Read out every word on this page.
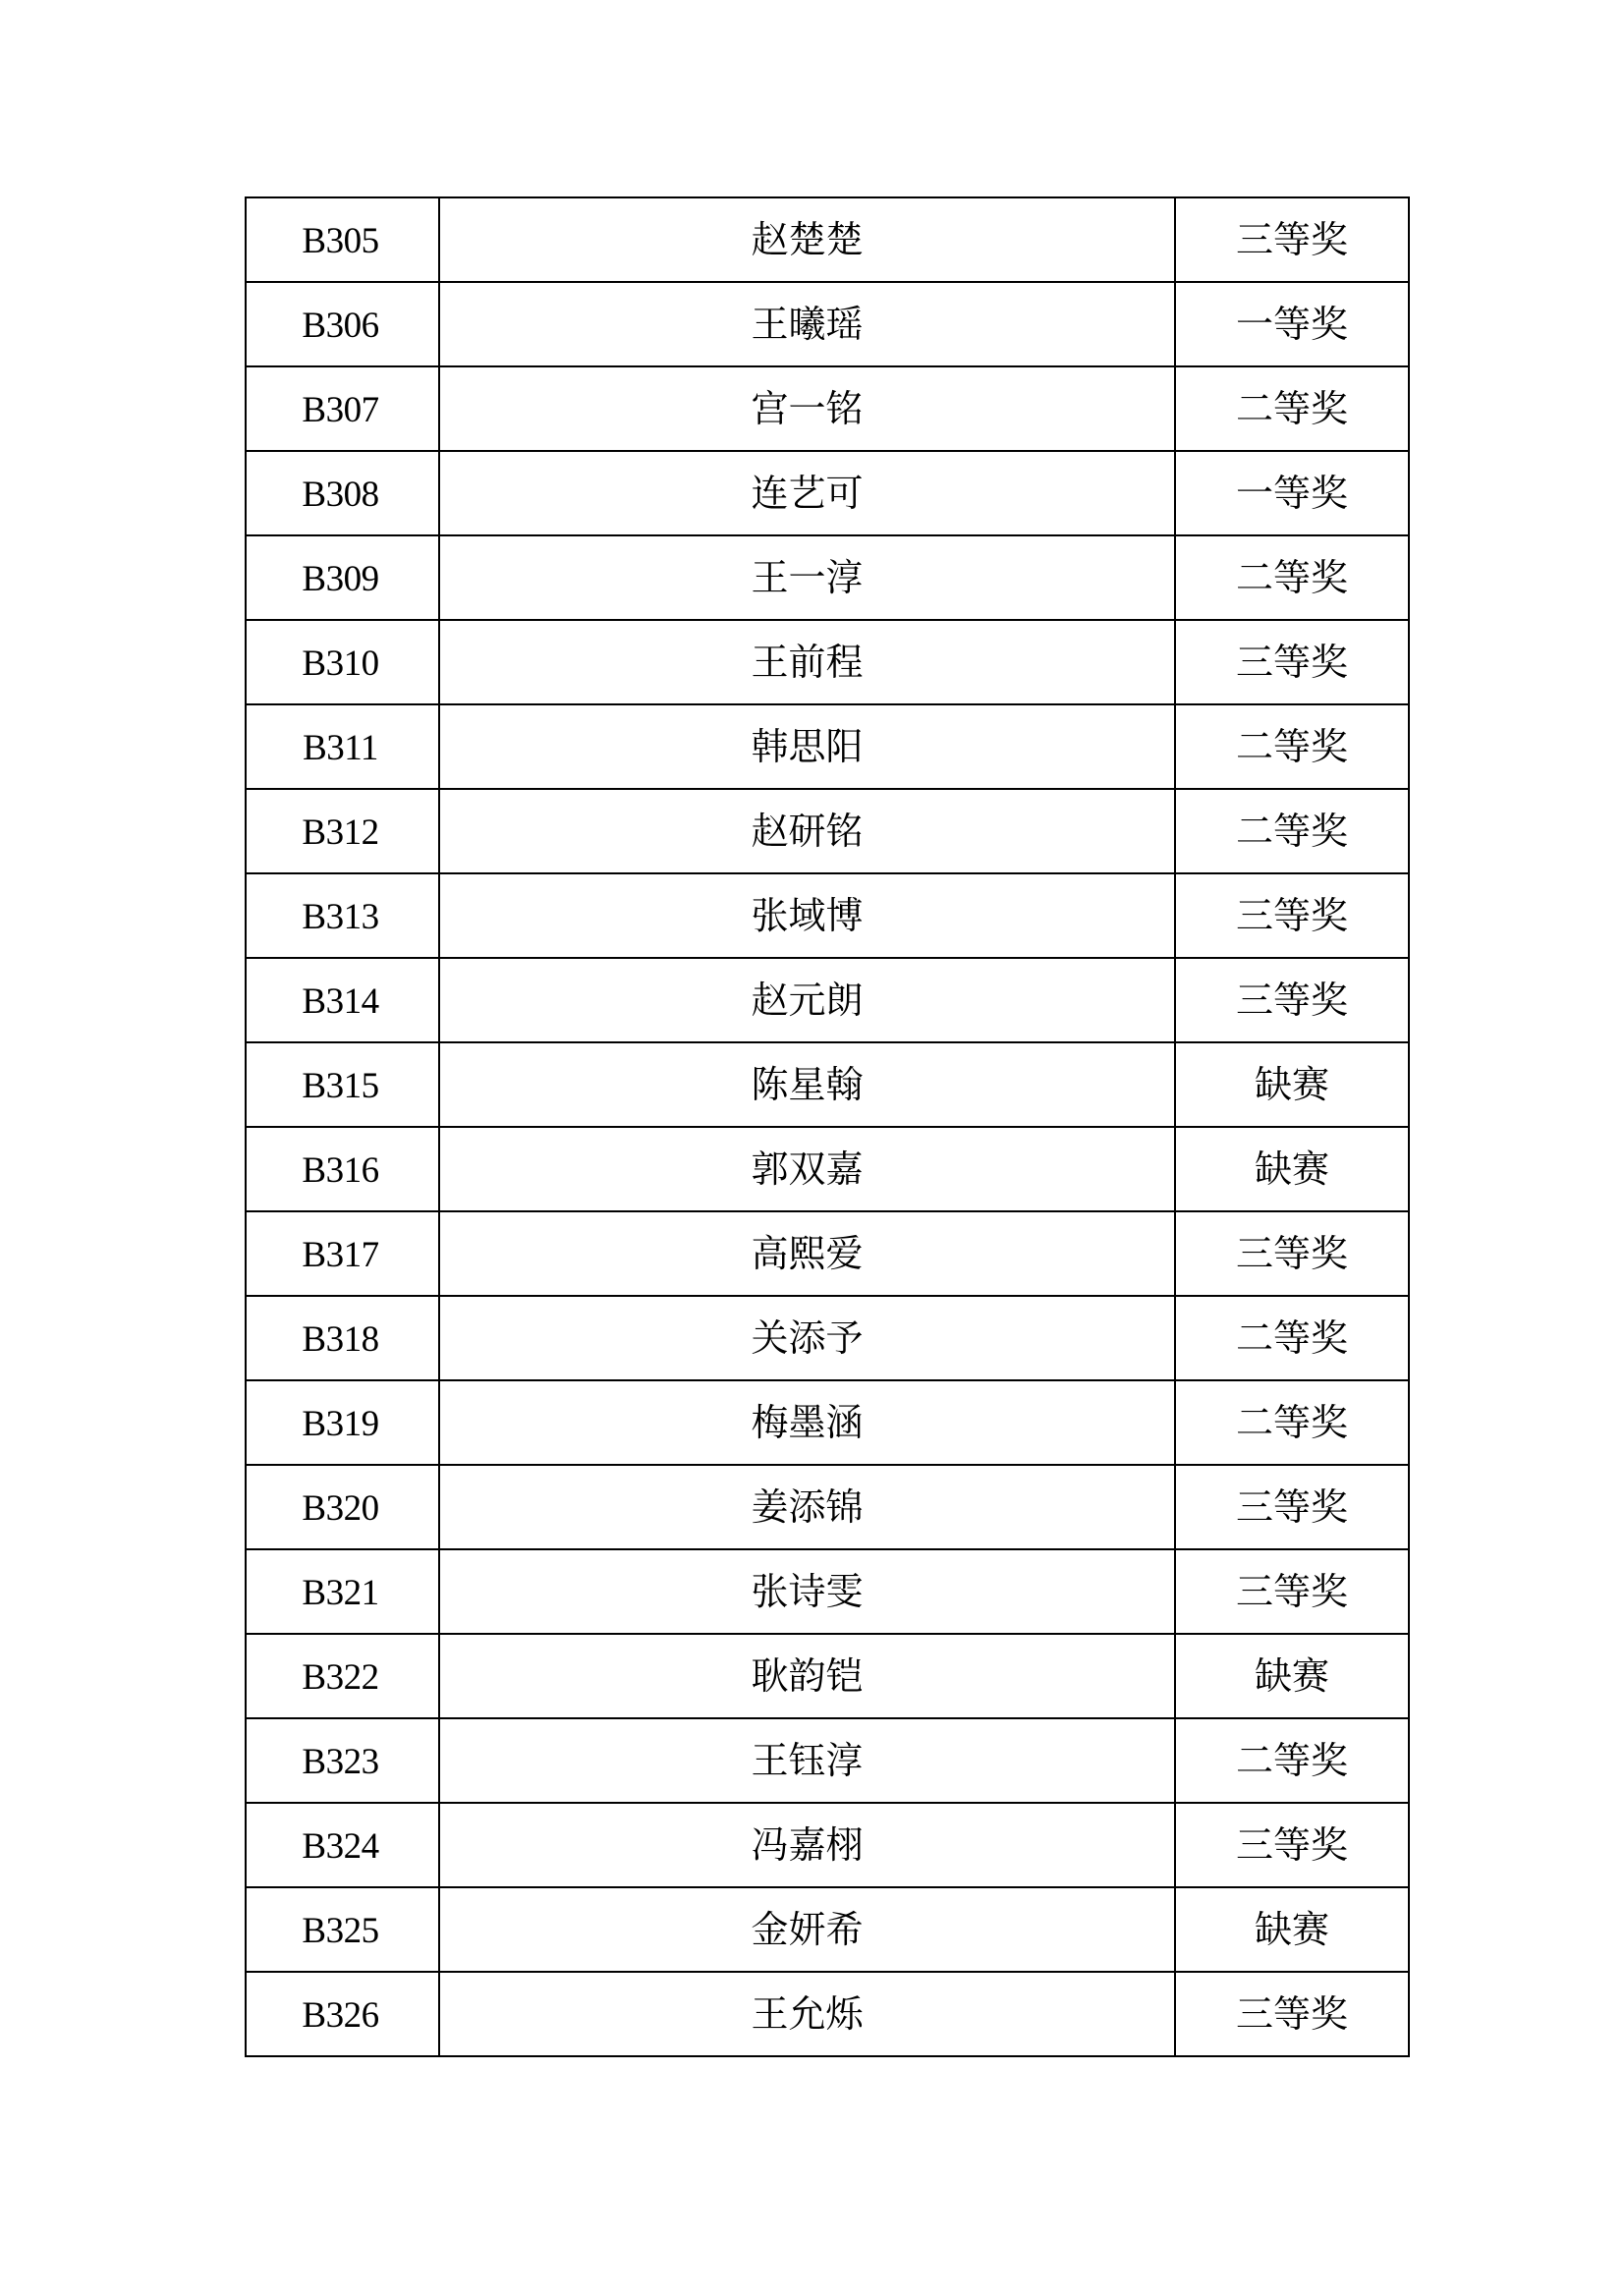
B305	赵楚楚	三等奖
B306	王曦瑶	一等奖
B307	宫一铭	二等奖
B308	连艺可	一等奖
B309	王一淳	二等奖
B310	王前程	三等奖
B311	韩思阳	二等奖
B312	赵研铭	二等奖
B313	张域博	三等奖
B314	赵元朗	三等奖
B315	陈星翰	缺赛
B316	郭双嘉	缺赛
B317	高熙爱	三等奖
B318	关添予	二等奖
B319	梅墨涵	二等奖
B320	姜添锦	三等奖
B321	张诗雯	三等奖
B322	耿韵铠	缺赛
B323	王钰淳	二等奖
B324	冯嘉栩	三等奖
B325	金妍希	缺赛
B326	王允烁	三等奖
